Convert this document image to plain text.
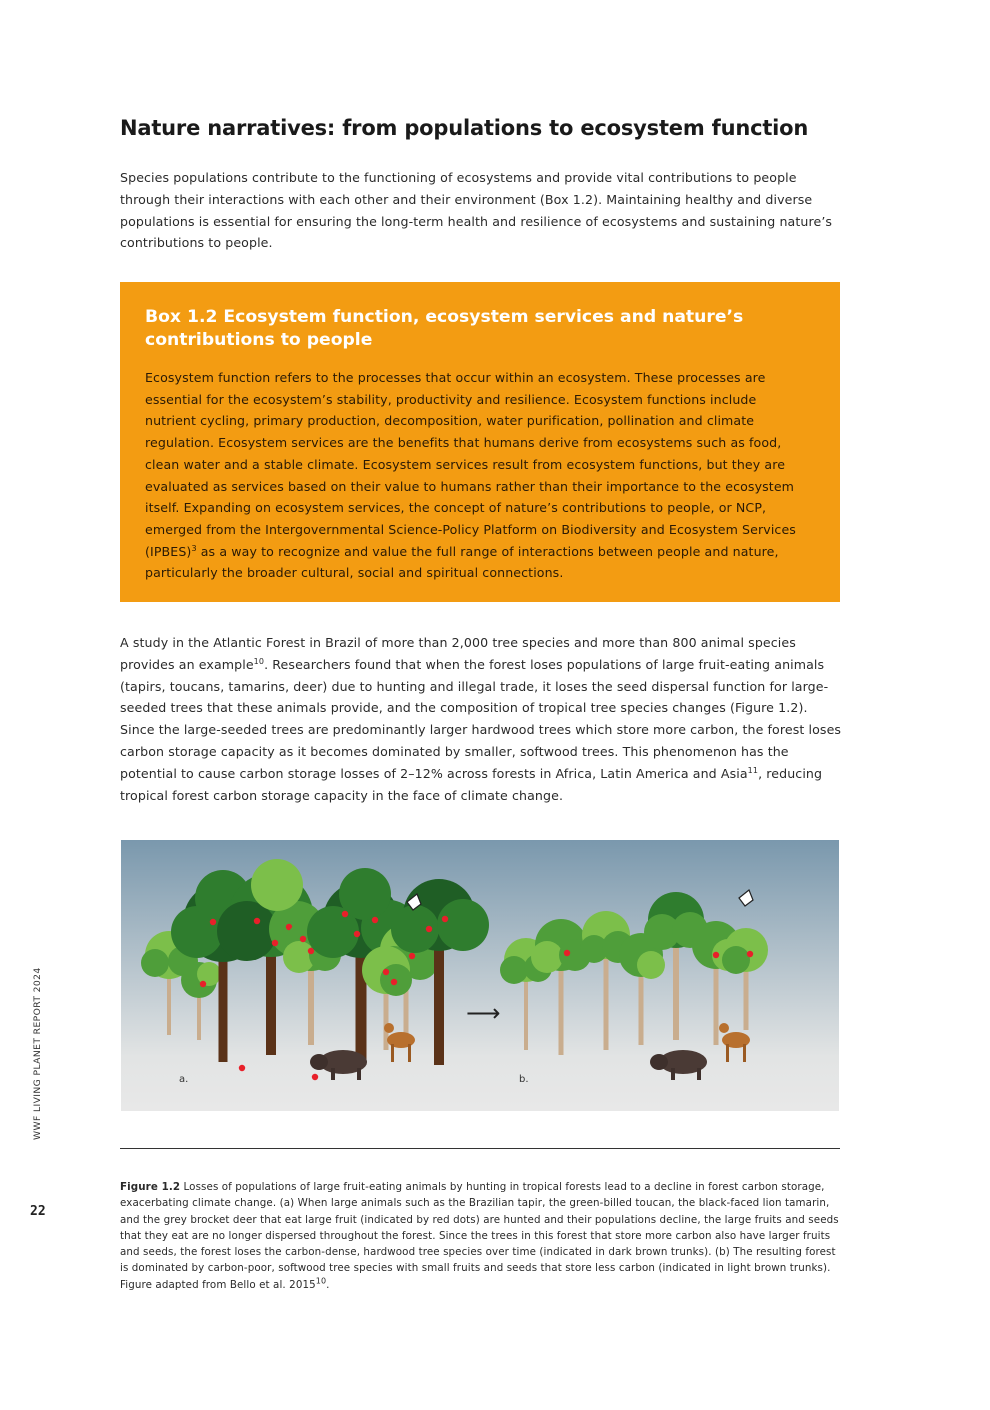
Nature narratives: from populations to ecosystem function

Species populations contribute to the functioning of ecosystems and provide vital contributions to people through their interactions with each other and their environment (Box 1.2). Maintaining healthy and diverse populations is essential for ensuring the long-term health and resilience of ecosystems and sustaining nature’s contributions to people.

Box 1.2 Ecosystem function, ecosystem services and nature’s contributions to people

Ecosystem function refers to the processes that occur within an ecosystem. These processes are essential for the ecosystem’s stability, productivity and resilience. Ecosystem functions include nutrient cycling, primary production, decomposition, water purification, pollination and climate regulation. Ecosystem services are the benefits that humans derive from ecosystems such as food, clean water and a stable climate. Ecosystem services result from ecosystem functions, but they are evaluated as services based on their value to humans rather than their importance to the ecosystem itself. Expanding on ecosystem services, the concept of nature’s contributions to people, or NCP, emerged from the Intergovernmental Science-Policy Platform on Biodiversity and Ecosystem Services (IPBES)$^3$ as a way to recognize and value the full range of interactions between people and nature, particularly the broader cultural, social and spiritual connections.

A study in the Atlantic Forest in Brazil of more than 2,000 tree species and more than 800 animal species provides an example$^{10}$. Researchers found that when the forest loses populations of large fruit-eating animals (tapirs, toucans, tamarins, deer) due to hunting and illegal trade, it loses the seed dispersal function for large-seeded trees that these animals provide, and the composition of tropical tree species changes (Figure 1.2). Since the large-seeded trees are predominantly larger hardwood trees which store more carbon, the forest loses carbon storage capacity as it becomes dominated by smaller, softwood trees. This phenomenon has the potential to cause carbon storage losses of 2–12% across forests in Africa, Latin America and Asia$^{11}$, reducing tropical forest carbon storage capacity in the face of climate change.

⟶
a.	b.

Figure 1.2 Losses of populations of large fruit-eating animals by hunting in tropical forests lead to a decline in forest carbon storage, exacerbating climate change. (a) When large animals such as the Brazilian tapir, the green-billed toucan, the black-faced lion tamarin, and the grey brocket deer that eat large fruit (indicated by red dots) are hunted and their populations decline, the large fruits and seeds that they eat are no longer dispersed throughout the forest. Since the trees in this forest that store more carbon also have larger fruits and seeds, the forest loses the carbon-dense, hardwood tree species over time (indicated in dark brown trunks). (b) The resulting forest is dominated by carbon-poor, softwood tree species with small fruits and seeds that store less carbon (indicated in light brown trunks). Figure adapted from Bello et al. 2015$^{10}$.

WWF LIVING PLANET REPORT 2024
22
